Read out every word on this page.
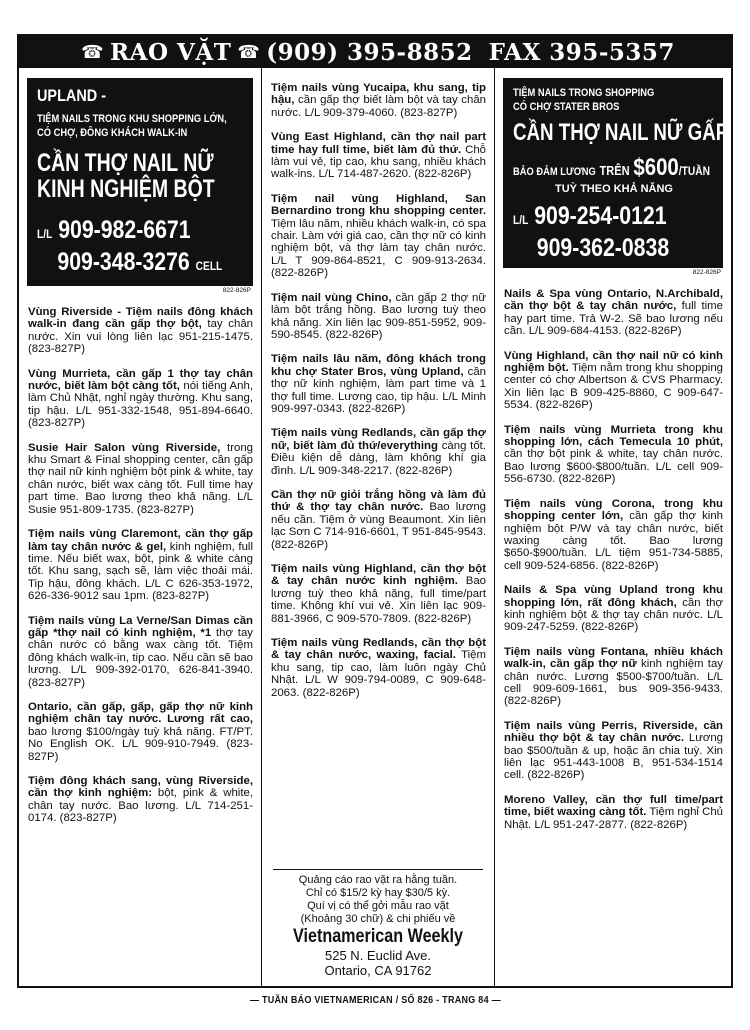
☎ RAO VẶT ☎ (909) 395-8852 FAX 395-5357
UPLAND -
TIỆM NAILS TRONG KHU SHOPPING LỚN,
CÓ CHỢ, ĐÔNG KHÁCH WALK-IN
CẦN THỢ NAIL NỮ
KINH NGHIỆM BỘT
L/L 909-982-6671
909-348-3276 CELL
822-826P
Vùng Riverside - Tiệm nails đông khách walk-in đang cần gấp thợ bột, tay chân nước. Xin vui lòng liên lạc 951-215-1475. (823-827P)
Vùng Murrieta, cần gấp 1 thợ tay chân nước, biết làm bột càng tốt, nói tiếng Anh, làm Chủ Nhật, nghỉ ngày thường. Khu sang, tip hậu. L/L 951-332-1548, 951-894-6640. (823-827P)
Susie Hair Salon vùng Riverside, trong khu Smart & Final shopping center, cần gấp thợ nail nữ kinh nghiệm bột pink & white, tay chân nước, biết wax càng tốt. Full time hay part time. Bao lương theo khả năng. L/L Susie 951-809-1735. (823-827P)
Tiệm nails vùng Claremont, cần thợ gấp làm tay chân nước & gel, kinh nghiệm, full time. Nếu biết wax, bột, pink & white càng tốt. Khu sang, sạch sẽ, làm việc thoải mái. Tip hậu, đông khách. L/L C 626-353-1972, 626-336-9012 sau 1pm. (823-827P)
Tiệm nails vùng La Verne/San Dimas cần gấp *thợ nail có kinh nghiệm, *1 thợ tay chân nước có bằng wax càng tốt. Tiệm đông khách walk-in, tip cao. Nếu cần sẽ bao lương. L/L 909-392-0170, 626-841-3940. (823-827P)
Ontario, cần gấp, gấp, gấp thợ nữ kinh nghiệm chân tay nước. Lương rất cao, bao lương $100/ngày tuỳ khả năng. FT/PT. No English OK. L/L 909-910-7949. (823-827P)
Tiệm đông khách sang, vùng Riverside, cần thợ kinh nghiệm: bột, pink & white, chân tay nước. Bao lương. L/L 714-251-0174. (823-827P)
Tiệm nails vùng Yucaipa, khu sang, tip hậu, cần gấp thợ biết làm bột và tay chân nước. L/L 909-379-4060. (823-827P)
Vùng East Highland, cần thợ nail part time hay full time, biết làm đủ thứ. Chỗ làm vui vẻ, tip cao, khu sang, nhiều khách walk-ins. L/L 714-487-2620. (822-826P)
Tiệm nail vùng Highland, San Bernardino trong khu shopping center. Tiệm lâu năm, nhiều khách walk-in, có spa chair. Làm với giá cao, cần thợ nữ có kinh nghiệm bột, và thợ làm tay chân nước. L/L T 909-864-8521, C 909-913-2634. (822-826P)
Tiệm nail vùng Chino, cần gấp 2 thợ nữ làm bột trắng hồng. Bao lương tuỳ theo khả năng. Xin liên lạc 909-851-5952, 909-590-8545. (822-826P)
Tiệm nails lâu năm, đông khách trong khu chợ Stater Bros, vùng Upland, cần thợ nữ kinh nghiệm, làm part time và 1 thợ full time. Lương cao, tip hậu. L/L Minh 909-997-0343. (822-826P)
Tiệm nails vùng Redlands, cần gấp thợ nữ, biết làm đủ thứ/everything càng tốt. Điều kiện dễ dàng, làm không khí gia đình. L/L 909-348-2217. (822-826P)
Cần thợ nữ giỏi trắng hồng và làm đủ thứ & thợ tay chân nước. Bao lương nếu cần. Tiệm ở vùng Beaumont. Xin liên lạc Sơn C 714-916-6601, T 951-845-9543. (822-826P)
Tiệm nails vùng Highland, cần thợ bột & tay chân nước kinh nghiệm. Bao lương tuỳ theo khả năng, full time/part time. Không khí vui vẻ. Xin liên lạc 909-881-3966, C 909-570-7809. (822-826P)
Tiệm nails vùng Redlands, cần thợ bột & tay chân nước, waxing, facial. Tiệm khu sang, tip cao, làm luôn ngày Chủ Nhật. L/L W 909-794-0089, C 909-648-2063. (822-826P)
Quảng cáo rao vặt ra hằng tuần.
Chỉ có $15/2 kỳ hay $30/5 kỳ.
Quí vị có thể gởi mẫu rao vặt
(Khoảng 30 chữ) & chi phiếu về
Vietnamerican Weekly
525 N. Euclid Ave.
Ontario, CA 91762
TIỆM NAILS TRONG SHOPPING
CÓ CHỢ STATER BROS
CẦN THỢ NAIL NỮ GẤP
BẢO ĐẢM LƯƠNG TRÊN $600/TUẦN
TUỲ THEO KHẢ NĂNG
L/L 909-254-0121
909-362-0838
822-826P
Nails & Spa vùng Ontario, N.Archibald, cần thợ bột & tay chân nước, full time hay part time. Trả W-2. Sẽ bao lương nếu cần. L/L 909-684-4153. (822-826P)
Vùng Highland, cần thợ nail nữ có kinh nghiệm bột. Tiệm nằm trong khu shopping center có chợ Albertson & CVS Pharmacy. Xin liên lạc B 909-425-8860, C 909-647-5534. (822-826P)
Tiệm nails vùng Murrieta trong khu shopping lớn, cách Temecula 10 phút, cần thợ bột pink & white, tay chân nước. Bao lương $600-$800/tuần. L/L cell 909-556-6730. (822-826P)
Tiệm nails vùng Corona, trong khu shopping center lớn, cần gấp thợ kinh nghiệm bột P/W và tay chân nước, biết waxing càng tốt. Bao lương $650-$900/tuần. L/L tiệm 951-734-5885, cell 909-524-6856. (822-826P)
Nails & Spa vùng Upland trong khu shopping lớn, rất đông khách, cần thợ kinh nghiệm bột & thợ tay chân nước. L/L 909-247-5259. (822-826P)
Tiệm nails vùng Fontana, nhiều khách walk-in, cần gấp thợ nữ kinh nghiệm tay chân nước. Lương $500-$700/tuần. L/L cell 909-609-1661, bus 909-356-9433. (822-826P)
Tiệm nails vùng Perris, Riverside, cần nhiều thợ bột & tay chân nước. Lương bao $500/tuần & up, hoặc ăn chia tuỳ. Xin liên lạc 951-443-1008 B, 951-534-1514 cell. (822-826P)
Moreno Valley, cần thợ full time/part time, biết waxing càng tốt. Tiệm nghỉ Chủ Nhật. L/L 951-247-2877. (822-826P)
— TUẦN BÁO VIETNAMERICAN / SỐ 826 - TRANG 84 —
